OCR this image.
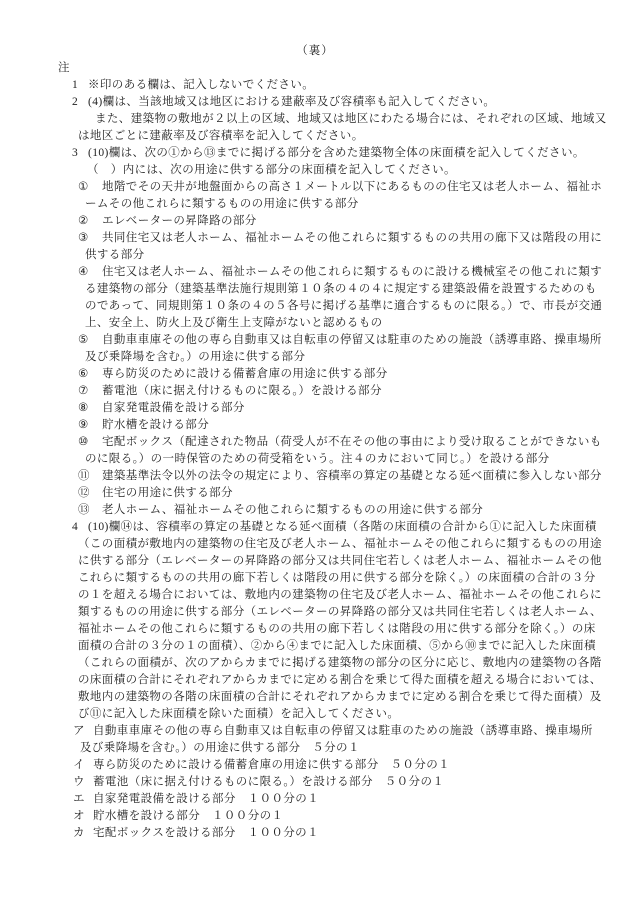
（裏）
注
1 ※印のある欄は、記入しないでください。
2 (4)欄は、当該地域又は地区における建蔽率及び容積率も記入してください。
また、建築物の敷地が２以上の区域、地域又は地区にわたる場合には、それぞれの区域、地域又
は地区ごとに建蔽率及び容積率を記入してください。
3 (10)欄は、次の①から⑬までに掲げる部分を含めた建築物全体の床面積を記入してください。
（　）内には、次の用途に供する部分の床面積を記入してください。
① 地階でその天井が地盤面からの高さ１メートル以下にあるものの住宅又は老人ホーム、福祉ホ
ームその他これらに類するものの用途に供する部分
② エレベーターの昇降路の部分
③ 共同住宅又は老人ホーム、福祉ホームその他これらに類するものの共用の廊下又は階段の用に
供する部分
④ 住宅又は老人ホーム、福祉ホームその他これらに類するものに設ける機械室その他これに類す
る建築物の部分（建築基準法施行規則第１０条の４の４に規定する建築設備を設置するためのも
のであって、同規則第１０条の４の５各号に掲げる基準に適合するものに限る。）で、市長が交通
上、安全上、防火上及び衛生上支障がないと認めるもの
⑤ 自動車車庫その他の専ら自動車又は自転車の停留又は駐車のための施設（誘導車路、操車場所
及び乗降場を含む。）の用途に供する部分
⑥ 専ら防災のために設ける備蓄倉庫の用途に供する部分
⑦ 蓄電池（床に据え付けるものに限る。）を設ける部分
⑧ 自家発電設備を設ける部分
⑨ 貯水槽を設ける部分
⑩ 宅配ボックス（配達された物品（荷受人が不在その他の事由により受け取ることができないも
のに限る。）の一時保管のための荷受箱をいう。注４のカにおいて同じ。）を設ける部分
⑪ 建築基準法令以外の法令の規定により、容積率の算定の基礎となる延べ面積に参入しない部分
⑫ 住宅の用途に供する部分
⑬ 老人ホーム、福祉ホームその他これらに類するものの用途に供する部分
4 (10)欄⑭は、容積率の算定の基礎となる延べ面積（各階の床面積の合計から①に記入した床面積
（この面積が敷地内の建築物の住宅及び老人ホーム、福祉ホームその他これらに類するものの用途
に供する部分（エレベーターの昇降路の部分又は共同住宅若しくは老人ホーム、福祉ホームその他
これらに類するものの共用の廊下若しくは階段の用に供する部分を除く。）の床面積の合計の３分
の１を超える場合においては、敷地内の建築物の住宅及び老人ホーム、福祉ホームその他これらに
類するものの用途に供する部分（エレベーターの昇降路の部分又は共同住宅若しくは老人ホーム、
福祉ホームその他これらに類するものの共用の廊下若しくは階段の用に供する部分を除く。）の床
面積の合計の３分の１の面積）、②から④までに記入した床面積、⑤から⑩までに記入した床面積
（これらの面積が、次のアからカまでに掲げる建築物の部分の区分に応じ、敷地内の建築物の各階
の床面積の合計にそれぞれアからカまでに定める割合を乗じて得た面積を超える場合においては、
敷地内の建築物の各階の床面積の合計にそれぞれアからカまでに定める割合を乗じて得た面積）及
び⑪に記入した床面積を除いた面積）を記入してください。
ア 自動車車庫その他の専ら自動車又は自転車の停留又は駐車のための施設（誘導車路、操車場所
及び乗降場を含む。）の用途に供する部分　５分の１
イ 専ら防災のために設ける備蓄倉庫の用途に供する部分　５０分の１
ウ 蓄電池（床に据え付けるものに限る。）を設ける部分　５０分の１
エ 自家発電設備を設ける部分　１００分の１
オ 貯水槽を設ける部分　１００分の１
カ 宅配ボックスを設ける部分　１００分の１
